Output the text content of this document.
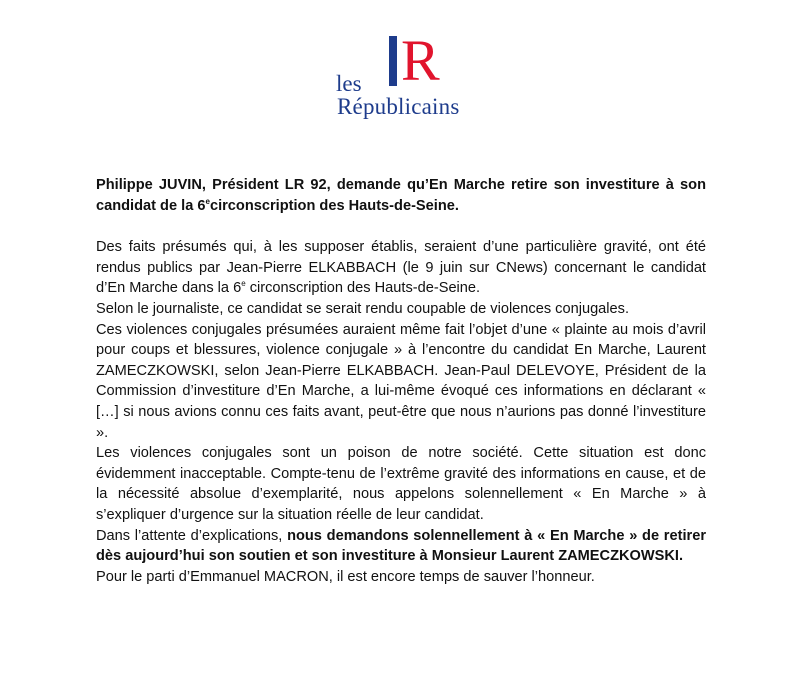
les R
Républicains

Philippe JUVIN, Président LR 92, demande qu’En Marche retire son investiture à son candidat de la 6ecirconscription des Hauts-de-Seine.

Des faits présumés qui, à les supposer établis, seraient d’une particulière gravité, ont été rendus publics par Jean-Pierre ELKABBACH (le 9 juin sur CNews) concernant le candidat d’En Marche dans la 6e circonscription des Hauts-de-Seine.

Selon le journaliste, ce candidat se serait rendu coupable de violences conjugales.

Ces violences conjugales présumées auraient même fait l’objet d’une « plainte au mois d’avril pour coups et blessures, violence conjugale » à l’encontre du candidat En Marche, Laurent ZAMECZKOWSKI, selon Jean-Pierre ELKABBACH. Jean-Paul DELEVOYE, Président de la Commission d’investiture d’En Marche, a lui-même évoqué ces informations en déclarant « […] si nous avions connu ces faits avant, peut-être que nous n’aurions pas donné l’investiture ».

Les violences conjugales sont un poison de notre société. Cette situation est donc évidemment inacceptable. Compte-tenu de l’extrême gravité des informations en cause, et de la nécessité absolue d’exemplarité, nous appelons solennellement « En Marche » à s’expliquer d’urgence sur la situation réelle de leur candidat.

Dans l’attente d’explications, nous demandons solennellement à « En Marche » de retirer dès aujourd’hui son soutien et son investiture à Monsieur Laurent ZAMECZKOWSKI.

Pour le parti d’Emmanuel MACRON, il est encore temps de sauver l’honneur.
